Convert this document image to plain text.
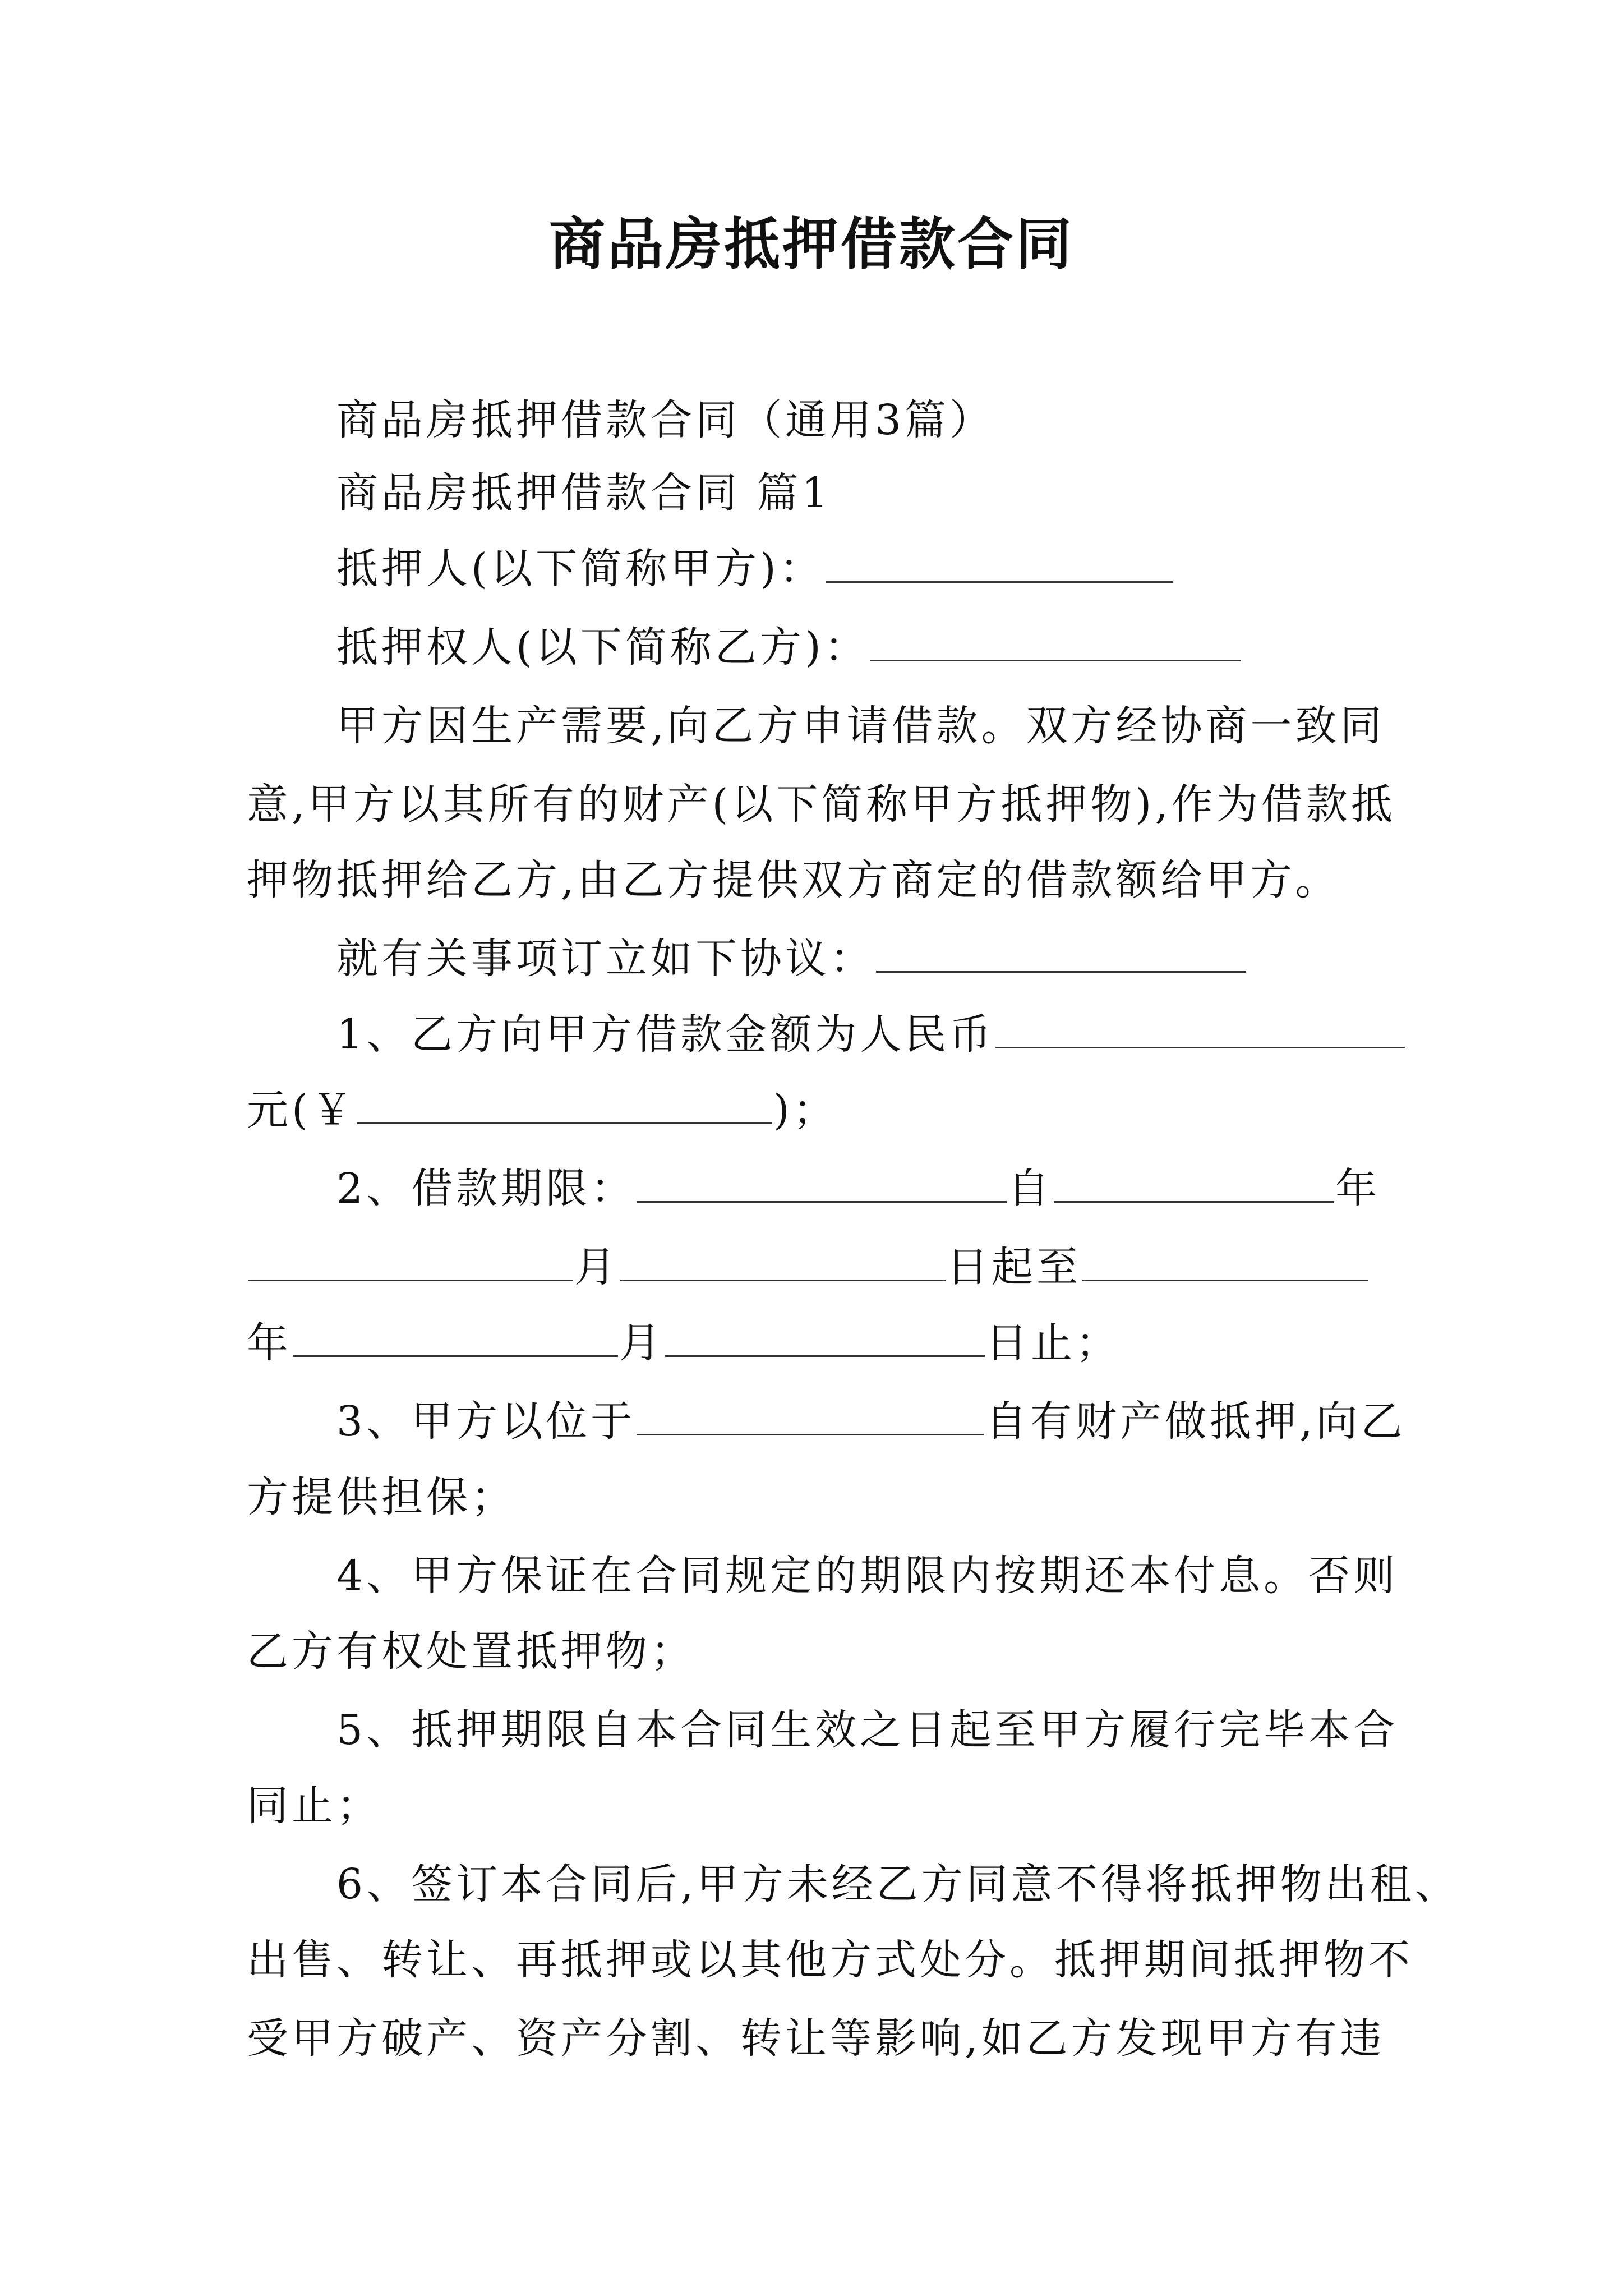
商品房抵押借款合同
商品房抵押借款合同（通用3篇）
商品房抵押借款合同 篇1
抵押人(以下简称甲方)：
抵押权人(以下简称乙方)：
甲方因生产需要,向乙方申请借款。双方经协商一致同
意,甲方以其所有的财产(以下简称甲方抵押物),作为借款抵
押物抵押给乙方,由乙方提供双方商定的借款额给甲方。
就有关事项订立如下协议：
1、乙方向甲方借款金额为人民币
元(￥	)；
2、借款期限：	自	年
月	日起至
年	月	日止；
3、甲方以位于	自有财产做抵押,向乙
方提供担保；
4、甲方保证在合同规定的期限内按期还本付息。否则
乙方有权处置抵押物；
5、抵押期限自本合同生效之日起至甲方履行完毕本合
同止；
6、签订本合同后,甲方未经乙方同意不得将抵押物出租、
出售、转让、再抵押或以其他方式处分。抵押期间抵押物不
受甲方破产、资产分割、转让等影响,如乙方发现甲方有违
